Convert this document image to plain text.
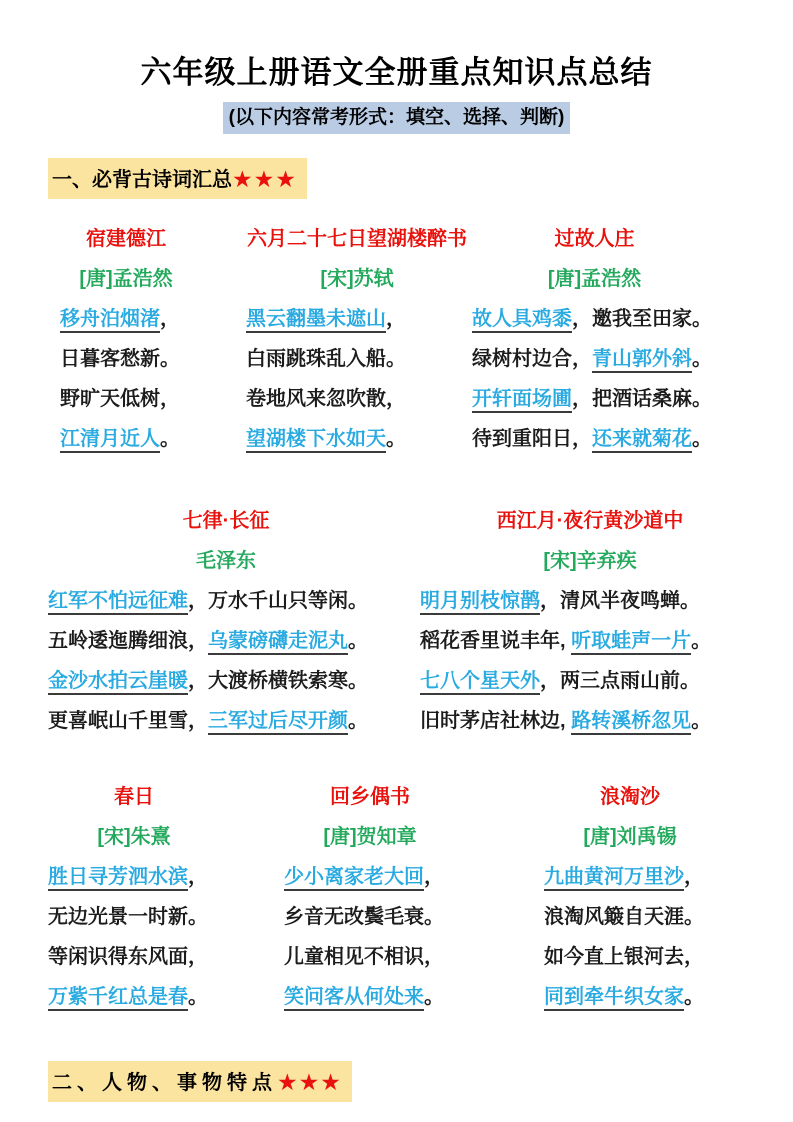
六年级上册语文全册重点知识点总结
(以下内容常考形式：填空、选择、判断)
一、必背古诗词汇总★★★
宿建德江
[唐]孟浩然
移舟泊烟渚，
日暮客愁新。
野旷天低树，
江清月近人。
六月二十七日望湖楼醉书
[宋]苏轼
黑云翻墨未遮山，
白雨跳珠乱入船。
卷地风来忽吹散，
望湖楼下水如天。
过故人庄
[唐]孟浩然
故人具鸡黍，邀我至田家。
绿树村边合，青山郭外斜。
开轩面场圃，把酒话桑麻。
待到重阳日，还来就菊花。
七律·长征
毛泽东
红军不怕远征难，万水千山只等闲。
五岭逶迤腾细浪，乌蒙磅礴走泥丸。
金沙水拍云崖暖，大渡桥横铁索寒。
更喜岷山千里雪，三军过后尽开颜。
西江月·夜行黄沙道中
[宋]辛弃疾
明月别枝惊鹊，清风半夜鸣蝉。
稻花香里说丰年, 听取蛙声一片。
七八个星天外，两三点雨山前。
旧时茅店社林边, 路转溪桥忽见。
春日
[宋]朱熹
胜日寻芳泗水滨，
无边光景一时新。
等闲识得东风面，
万紫千红总是春。
回乡偶书
[唐]贺知章
少小离家老大回，
乡音无改鬓毛衰。
儿童相见不相识，
笑问客从何处来。
浪淘沙
[唐]刘禹锡
九曲黄河万里沙，
浪淘风簸自天涯。
如今直上银河去，
同到牵牛织女家。
二、人物、事物特点★★★
